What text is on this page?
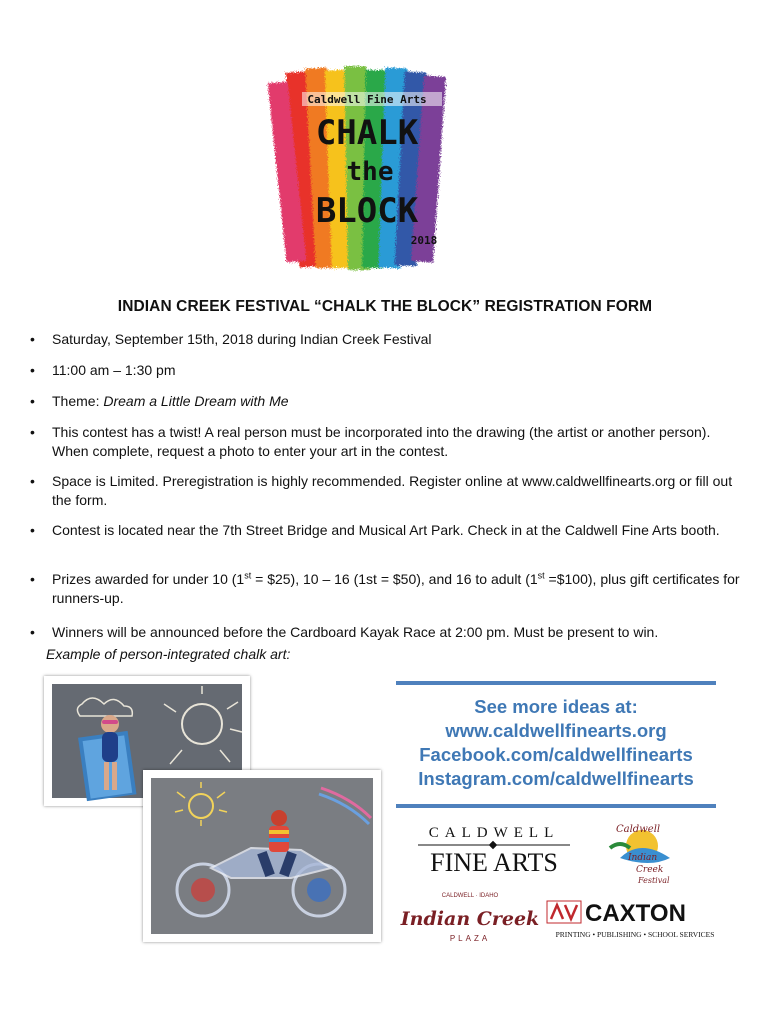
Caldwell Fine Arts
CHALK
the
BLOCK
2018
INDIAN CREEK FESTIVAL “CHALK THE BLOCK” REGISTRATION FORM
• Saturday, September 15th, 2018 during Indian Creek Festival
• 11:00 am – 1:30 pm
• Theme: Dream a Little Dream with Me
• This contest has a twist! A real person must be incorporated into the drawing (the artist or another person). When complete, request a photo to enter your art in the contest.
• Space is Limited. Preregistration is highly recommended. Register online at www.caldwellfinearts.org or fill out the form.
• Contest is located near the 7th Street Bridge and Musical Art Park. Check in at the Caldwell Fine Arts booth.
• Prizes awarded for under 10 (1st = $25), 10 – 16 (1st = $50), and 16 to adult (1st =$100), plus gift certificates for runners-up.
• Winners will be announced before the Cardboard Kayak Race at 2:00 pm. Must be present to win.
Example of person-integrated chalk art:
See more ideas at:
www.caldwellfinearts.org
Facebook.com/caldwellfinearts
Instagram.com/caldwellfinearts
CALDWELL
FINE ARTS
Caldwell
Indian
Creek
Festival
CALDWELL · IDAHO
Indian Creek
PLAZA
CAXTON
PRINTING • PUBLISHING • SCHOOL SERVICES
